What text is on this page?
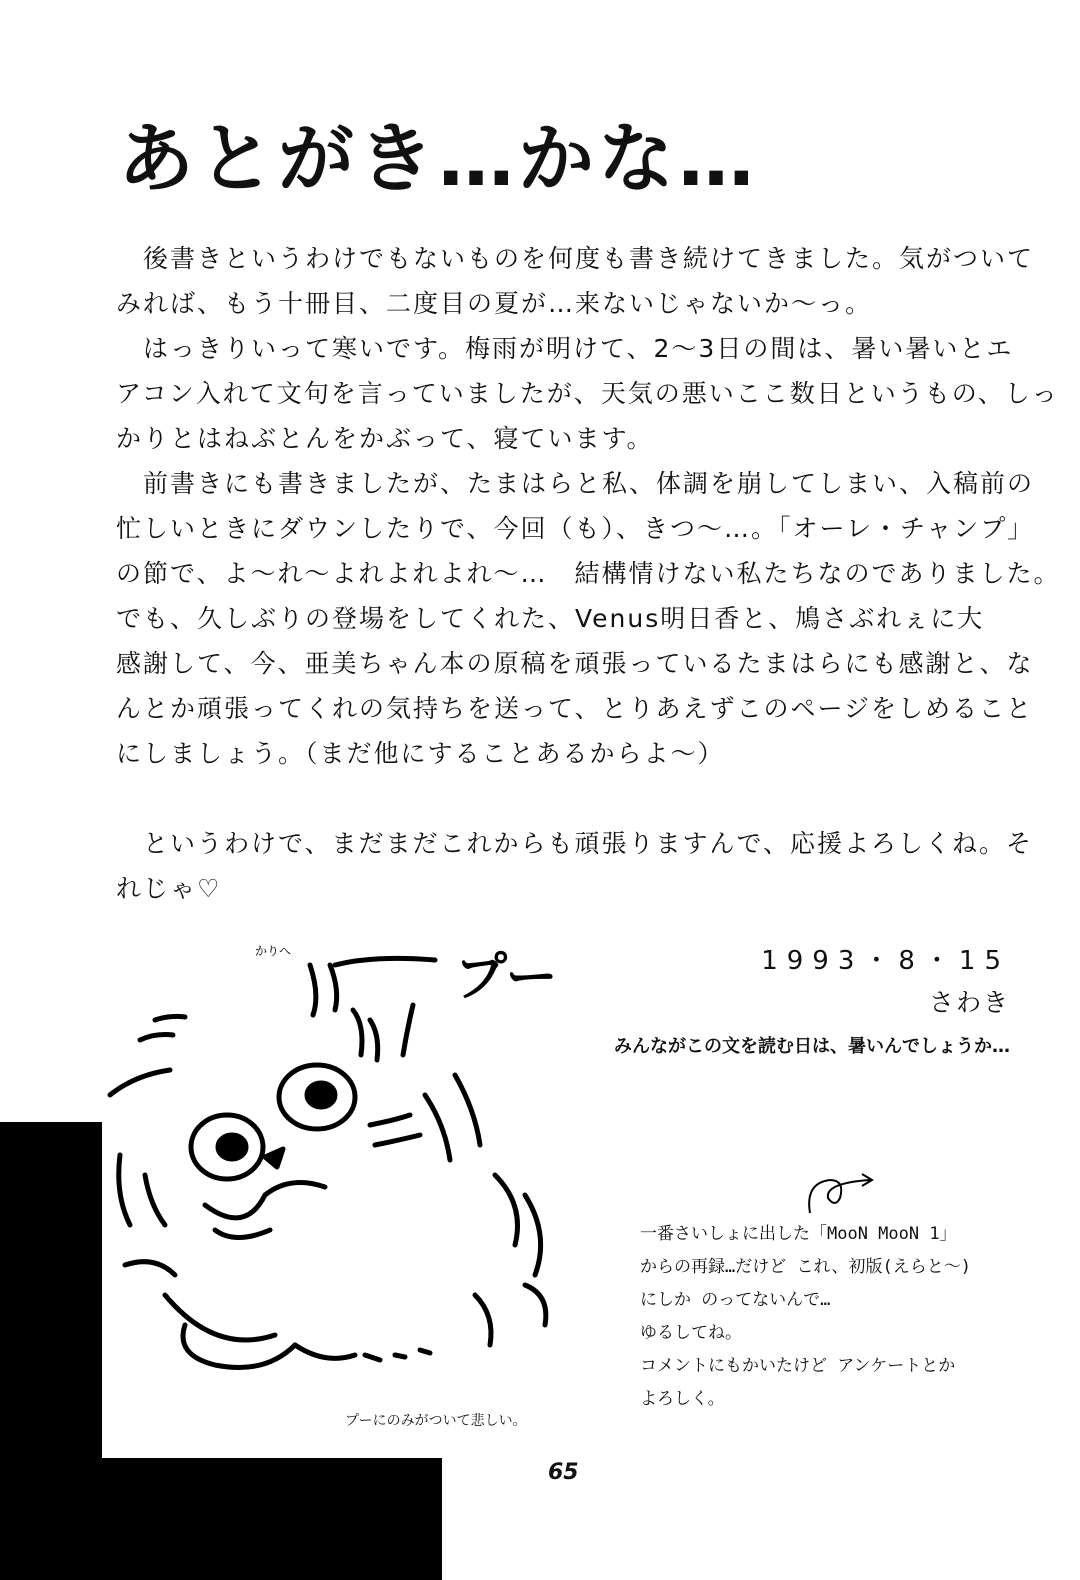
あとがき…かな…

　後書きというわけでもないものを何度も書き続けてきました。気がついて

みれば、もう十冊目、二度目の夏が…来ないじゃないか〜っ。

　はっきりいって寒いです。梅雨が明けて、2〜3日の間は、暑い暑いとエ

アコン入れて文句を言っていましたが、天気の悪いここ数日というもの、しっ

かりとはねぶとんをかぶって、寝ています。

　前書きにも書きましたが、たまはらと私、体調を崩してしまい、入稿前の

忙しいときにダウンしたりで、今回（も）、きつ〜…。「オーレ・チャンプ」

の節で、よ〜れ〜よれよれよれ〜…　結構情けない私たちなのでありました。

でも、久しぶりの登場をしてくれた、Venus明日香と、鳩さぶれぇに大

感謝して、今、亜美ちゃん本の原稿を頑張っているたまはらにも感謝と、な

んとか頑張ってくれの気持ちを送って、とりあえずこのページをしめること

にしましょう。（まだ他にすることあるからよ〜）

　というわけで、まだまだこれからも頑張りますんで、応援よろしくね。そ

れじゃ♡

1993・8・15
さわき
みんながこの文を読む日は、暑いんでしょうか…
プー
かりへ

一番さいしょに出した「MooN MooN 1」

からの再録…だけど これ、初版(えらと〜)

にしか のってないんで…

ゆるしてね。

コメントにもかいたけど アンケートとか

よろしく。

プーにのみがついて悲しい。
65
